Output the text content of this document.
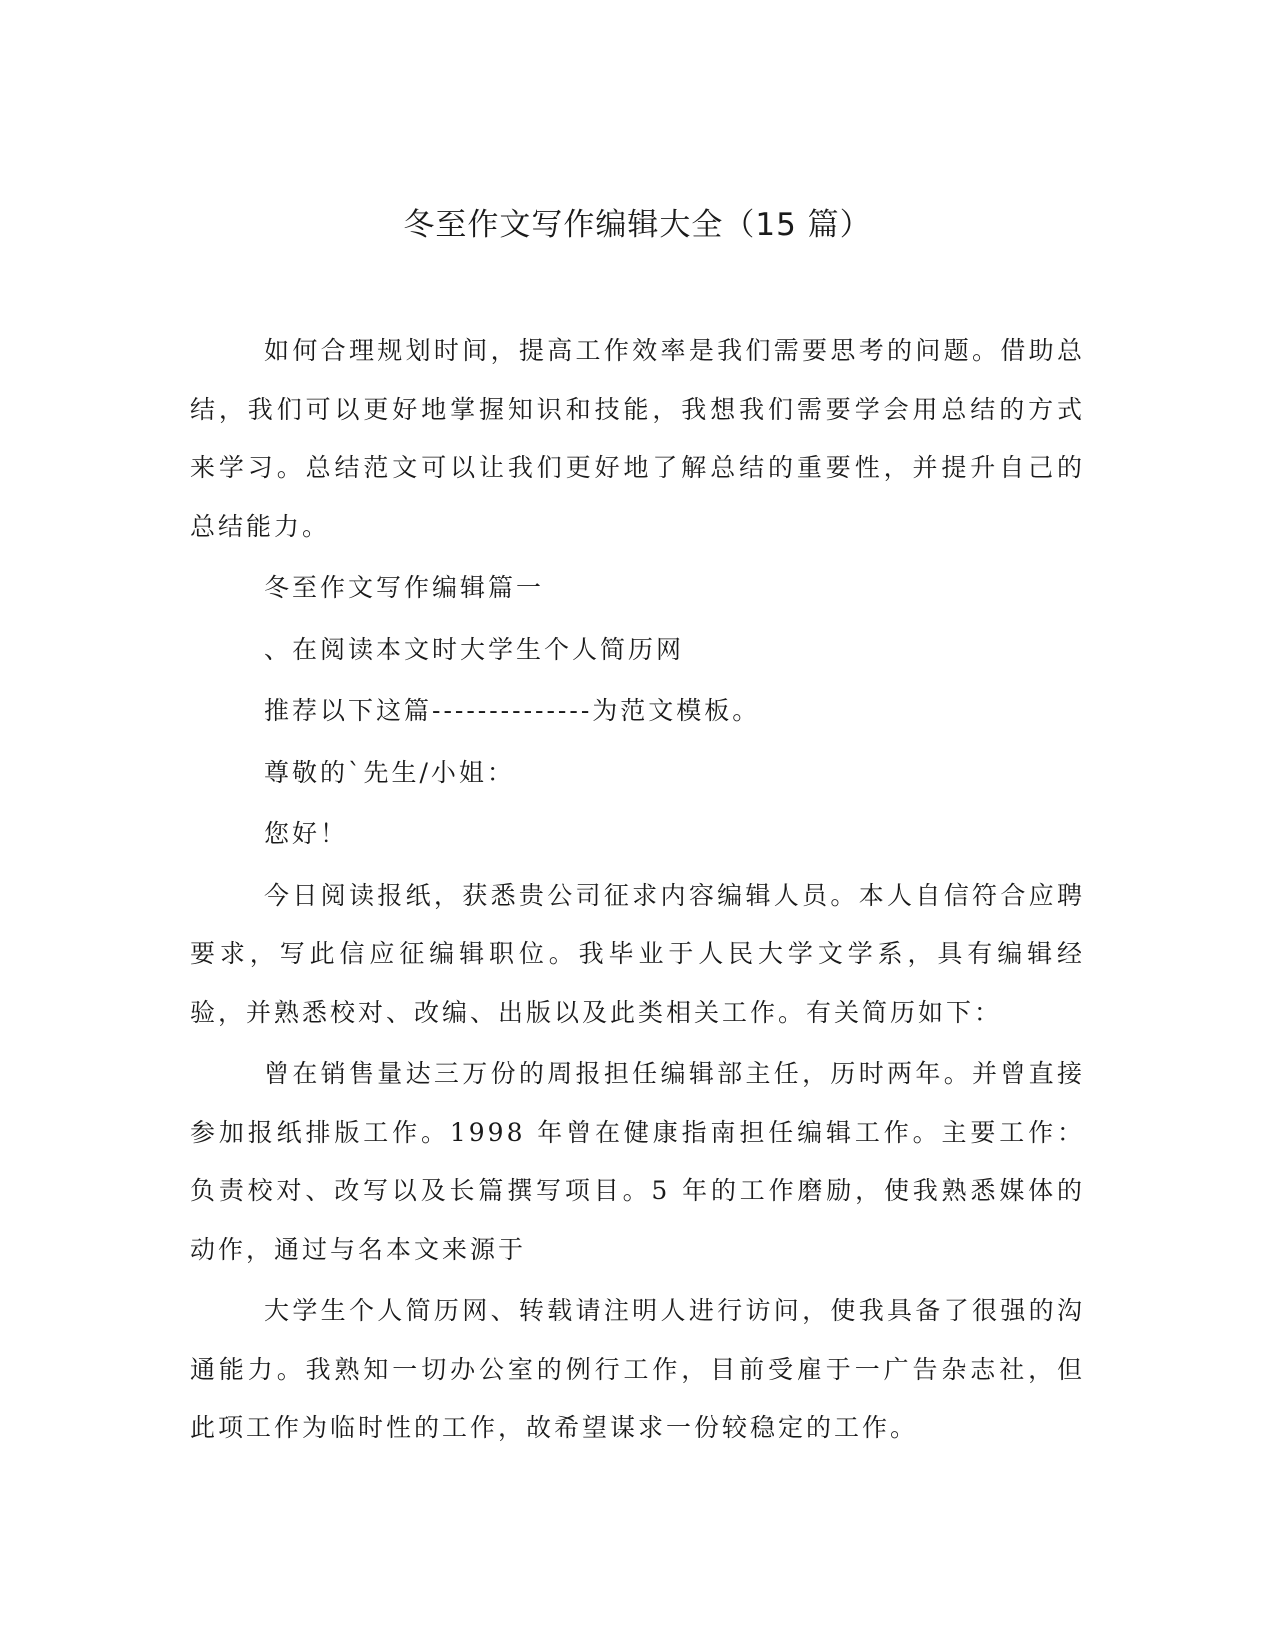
冬至作文写作编辑大全（15 篇）

如何合理规划时间，提高工作效率是我们需要思考的问题。借助总结，我们可以更好地掌握知识和技能，我想我们需要学会用总结的方式来学习。总结范文可以让我们更好地了解总结的重要性，并提升自己的总结能力。

冬至作文写作编辑篇一

、在阅读本文时大学生个人简历网

推荐以下这篇--------------为范文模板。

尊敬的`先生/小姐：

您好！

今日阅读报纸，获悉贵公司征求内容编辑人员。本人自信符合应聘要求，写此信应征编辑职位。我毕业于人民大学文学系，具有编辑经验，并熟悉校对、改编、出版以及此类相关工作。有关简历如下：

曾在销售量达三万份的周报担任编辑部主任，历时两年。并曾直接参加报纸排版工作。1998 年曾在健康指南担任编辑工作。主要工作：负责校对、改写以及长篇撰写项目。5 年的工作磨励，使我熟悉媒体的动作，通过与名本文来源于

大学生个人简历网、转载请注明人进行访问，使我具备了很强的沟通能力。我熟知一切办公室的例行工作，目前受雇于一广告杂志社，但此项工作为临时性的工作，故希望谋求一份较稳定的工作。
